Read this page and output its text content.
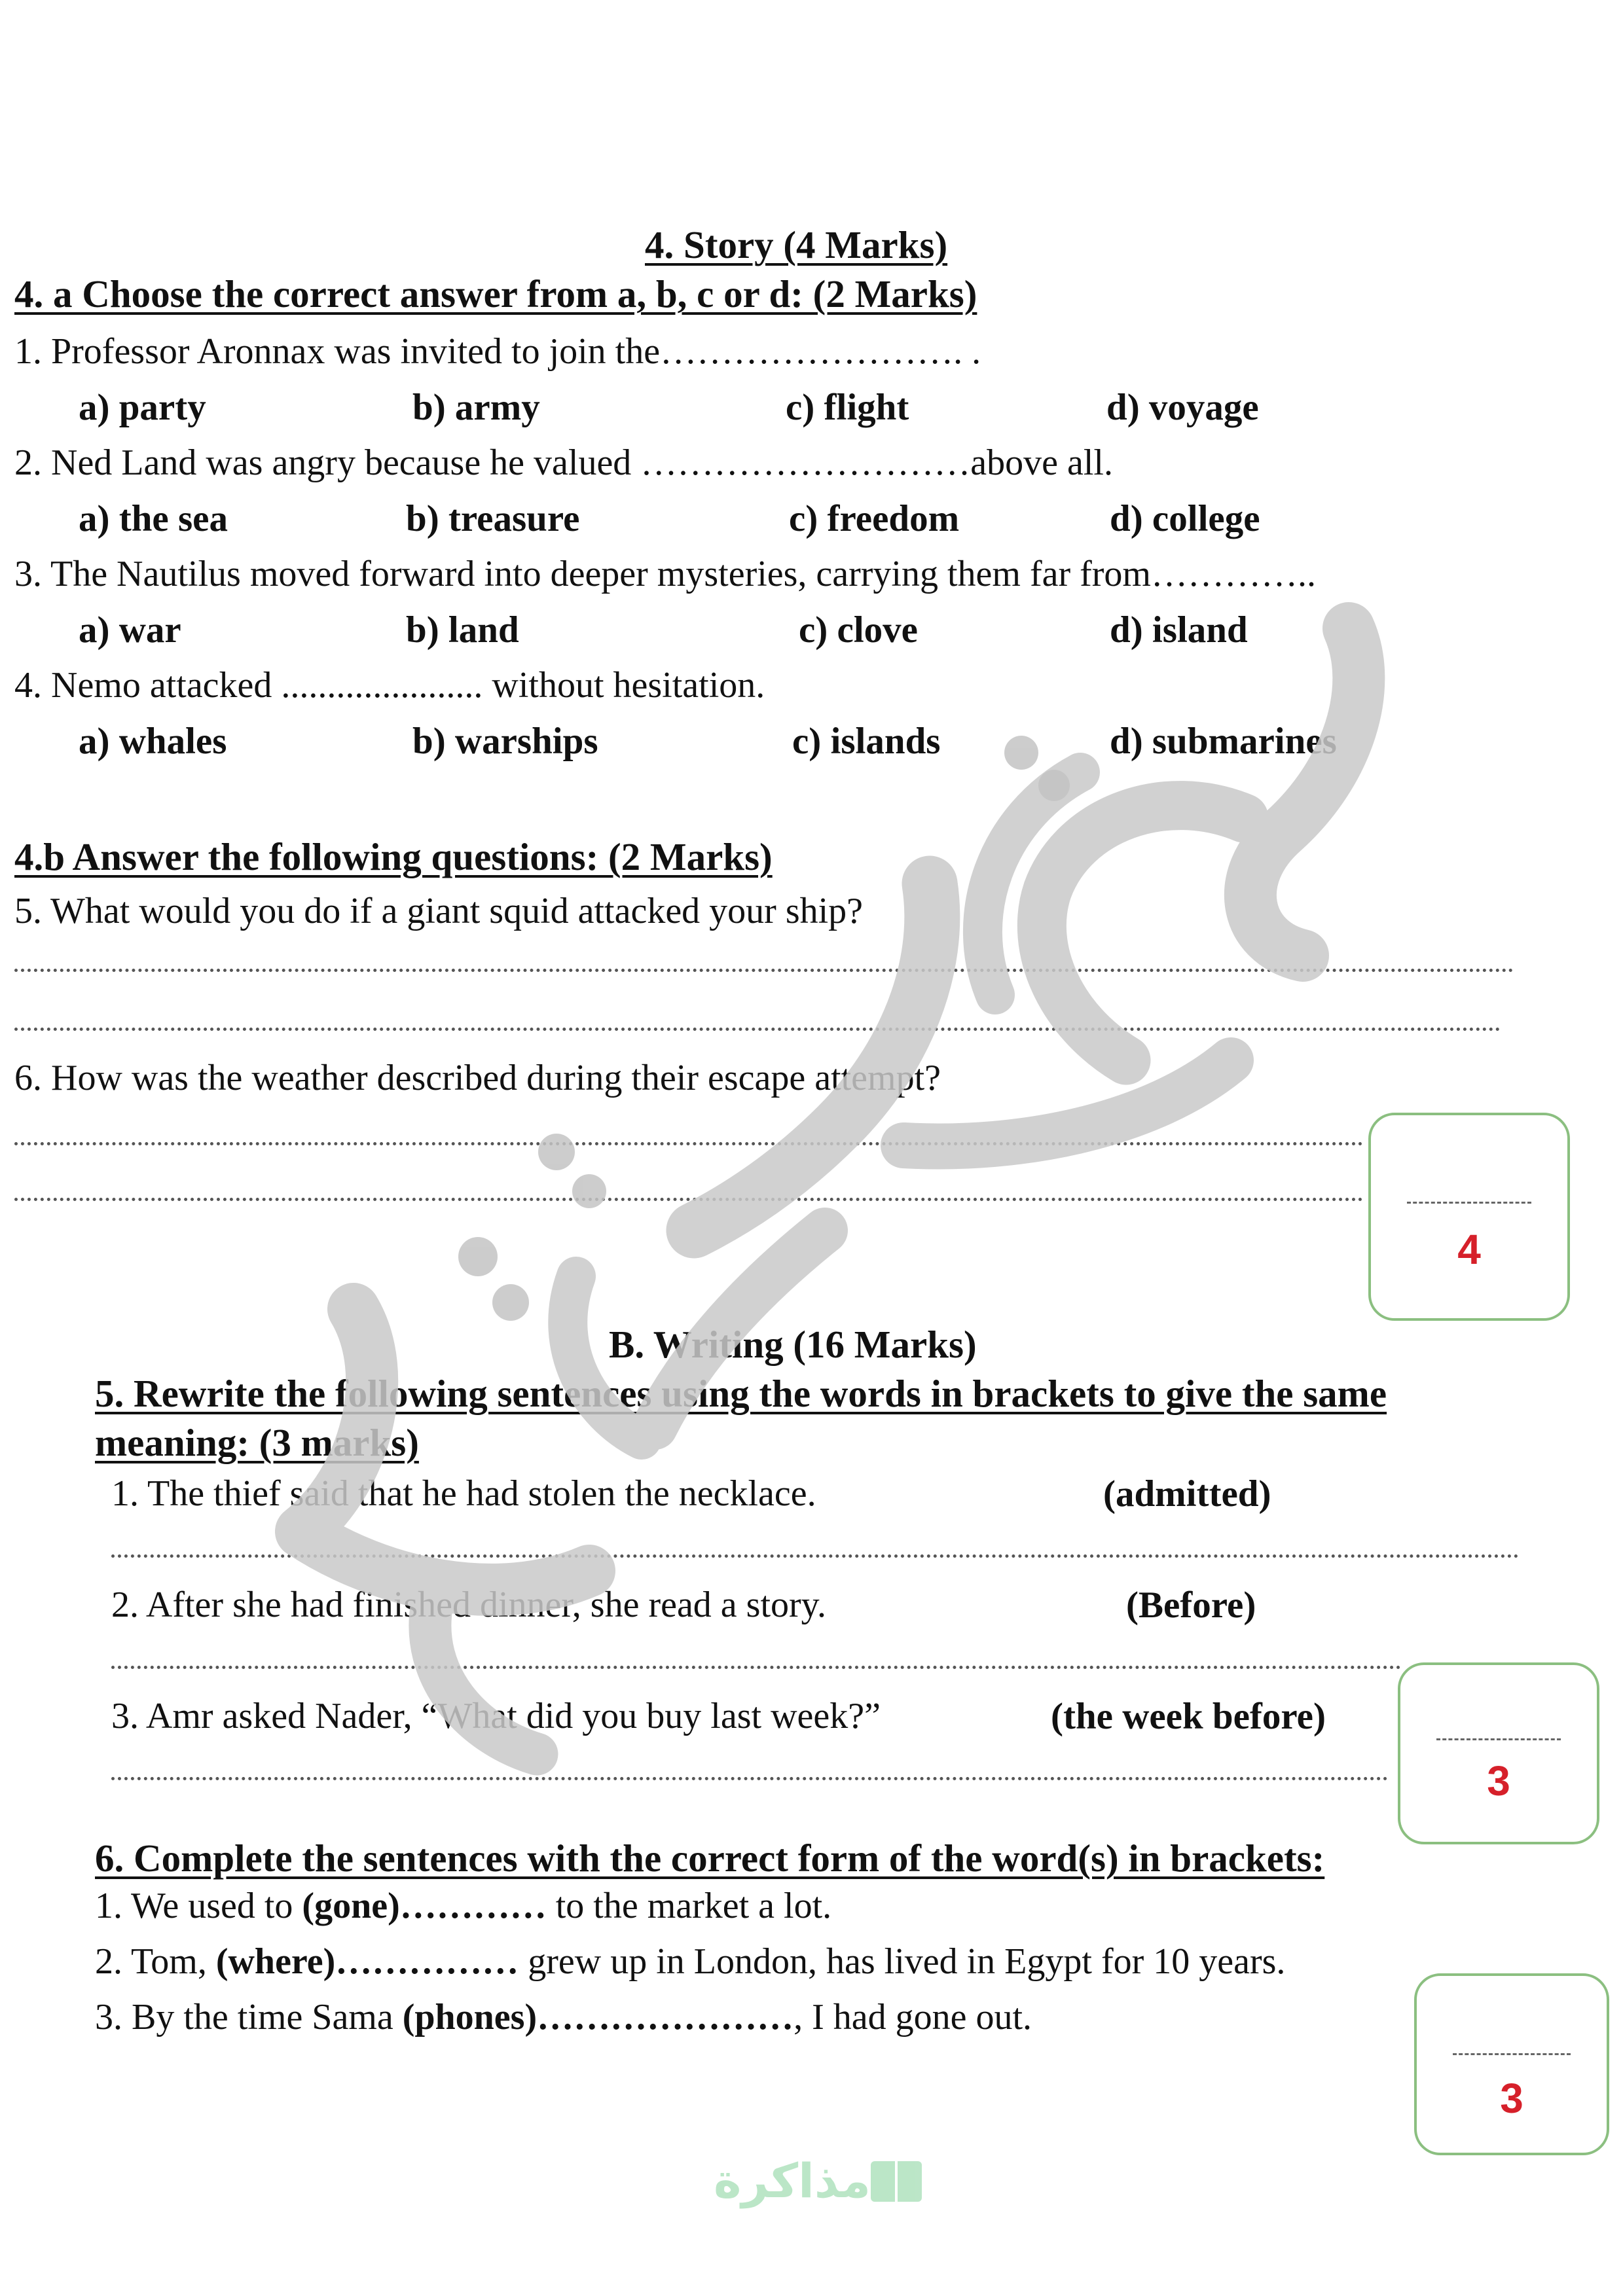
4. Story (4 Marks)
4. a Choose the correct answer from a, b, c or d: (2 Marks)
1. Professor Aronnax was invited to join the……………………. .
a) party	b) army	c) flight	d) voyage
2. Ned Land was angry because he valued ………………………above all.
a) the sea	b) treasure	c) freedom	d) college
3. The Nautilus moved forward into deeper mysteries, carrying them far from…………..
a) war	b) land	c) clove	d) island
4. Nemo attacked ...................... without hesitation.
a) whales	b) warships	c) islands	d) submarines
4.b Answer the following questions: (2 Marks)
5. What would you do if a giant squid attacked your ship?
6. How was the weather described during their escape attempt?
4
B. Writing (16 Marks)
5. Rewrite the following sentences using the words in brackets to give the same
meaning: (3 marks)
1. The thief said that he had stolen the necklace.	(admitted)
2. After she had finished dinner, she read a story.	(Before)
3. Amr asked Nader, “What did you buy last week?”	(the week before)
3
6. Complete the sentences with the correct form of the word(s) in brackets:
1. We used to (gone)………… to the market a lot.
2. Tom, (where)…………… grew up in London, has lived in Egypt for 10 years.
3. By the time Sama (phones)…………………, I had gone out.
3
مذاكرة
